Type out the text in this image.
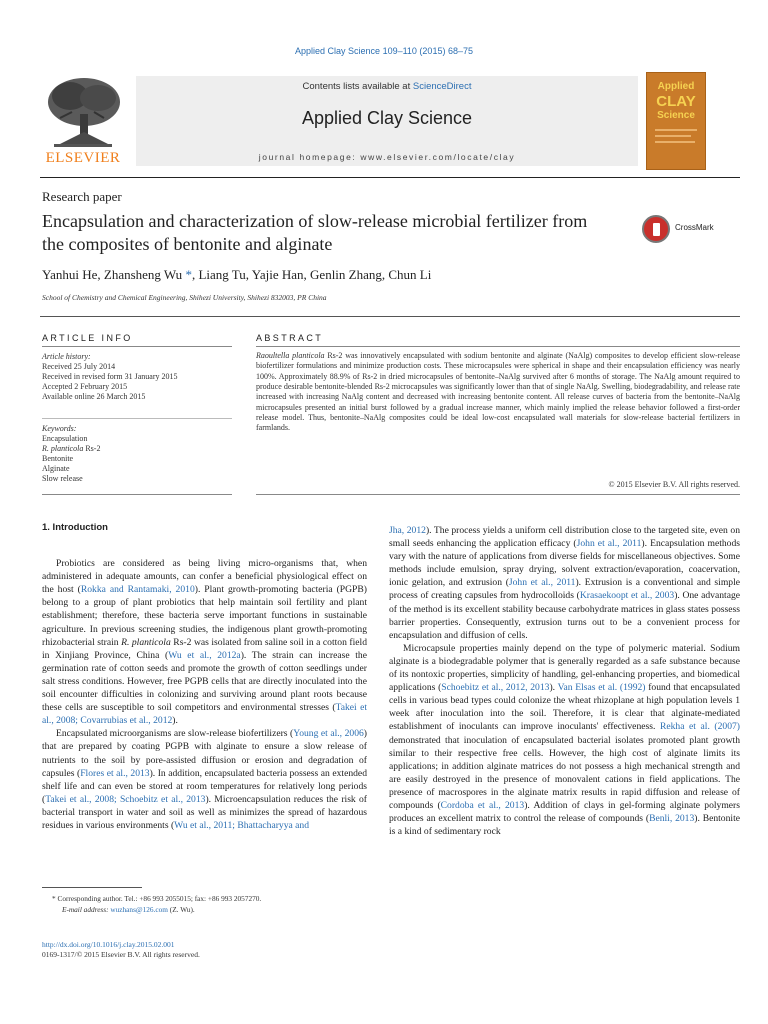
Applied Clay Science 109–110 (2015) 68–75
ELSEVIER
Contents lists available at ScienceDirect
Applied Clay Science
journal homepage: www.elsevier.com/locate/clay
Applied
CLAY
Science
Research paper
Encapsulation and characterization of slow-release microbial fertilizer from the composites of bentonite and alginate
CrossMark
Yanhui He, Zhansheng Wu *, Liang Tu, Yajie Han, Genlin Zhang, Chun Li
School of Chemistry and Chemical Engineering, Shihezi University, Shihezi 832003, PR China
ARTICLE INFO
Article history:
Received 25 July 2014
Received in revised form 31 January 2015
Accepted 2 February 2015
Available online 26 March 2015
Keywords:
Encapsulation
R. planticola Rs-2
Bentonite
Alginate
Slow release
ABSTRACT
Raoultella planticola Rs-2 was innovatively encapsulated with sodium bentonite and alginate (NaAlg) composites to develop efficient slow-release biofertilizer formulations and minimize production costs. These microcapsules were spherical in shape and their encapsulation efficiency was nearly 100%. Approximately 88.9% of Rs-2 in dried microcapsules of bentonite–NaAlg survived after 6 months of storage. The NaAlg amount required to produce desirable bentonite-blended Rs-2 microcapsules was significantly lower than that of single NaAlg. Swelling, biodegradability, and release rate increased with increasing NaAlg content and decreased with increasing bentonite content. All release curves of bacteria from the bentonite–NaAlg microcapsules presented an initial burst followed by a gradual increase manner, which mainly implied the release behavior followed a first-order release model. Thus, bentonite–NaAlg composites could be ideal low-cost encapsulated wall materials for slow-release bacterial fertilizers in farmlands.
© 2015 Elsevier B.V. All rights reserved.
1. Introduction

Probiotics are considered as being living micro-organisms that, when administered in adequate amounts, can confer a beneficial physiological effect on the host (Rokka and Rantamaki, 2010). Plant growth-promoting bacteria (PGPB) belong to a group of plant probiotics that help maintain soil fertility and plant establishment; therefore, these bacteria serve important functions in sustainable agriculture. In previous screening studies, the indigenous plant growth-promoting rhizobacterial strain R. planticola Rs-2 was isolated from saline soil in a cotton field in Xinjiang Province, China (Wu et al., 2012a). The strain can increase the germination rate of cotton seeds and promote the growth of cotton seedlings under salt stress conditions. However, free PGPB cells that are directly inoculated into the soil encounter difficulties in colonizing and surviving around plant roots because these cells are susceptible to soil competitors and environmental stresses (Takei et al., 2008; Covarrubias et al., 2012).

Encapsulated microorganisms are slow-release biofertilizers (Young et al., 2006) that are prepared by coating PGPB with alginate to ensure a slow release of nutrients to the soil by pore-assisted diffusion or erosion and degradation of capsules (Flores et al., 2013). In addition, encapsulated bacteria possess an extended shelf life and can even be stored at room temperatures for relatively long periods (Takei et al., 2008; Schoebitz et al., 2013). Microencapsulation reduces the risk of bacterial transport in water and soil as well as minimizes the spread of hazardous residues in various environments (Wu et al., 2011; Bhattacharyya and

Jha, 2012). The process yields a uniform cell distribution close to the targeted site, even on small seeds enhancing the application efficacy (John et al., 2011). Encapsulation methods vary with the nature of applications from diverse fields for miscellaneous objectives. Some methods include emulsion, spray drying, solvent extraction/evaporation, coacervation, ionic gelation, and extrusion (John et al., 2011). Extrusion is a conventional and simple process of creating capsules from hydrocolloids (Krasaekoopt et al., 2003). One advantage of the method is its excellent stability because carbohydrate matrices in glass states possess barrier properties. Consequently, extrusion turns out to be a convenient process for encapsulation and diffusion of cells.

Microcapsule properties mainly depend on the type of polymeric material. Sodium alginate is a biodegradable polymer that is generally regarded as a safe substance because of its nontoxic properties, simplicity of handling, gel-enhancing properties, and biomedical applications (Schoebitz et al., 2012, 2013). Van Elsas et al. (1992) found that encapsulated cells in various bead types could colonize the wheat rhizoplane at high population levels 1 week after inoculation into the soil. Therefore, it is clear that alginate-mediated establishment of inoculants can improve inoculants' effectiveness. Rekha et al. (2007) demonstrated that inoculation of encapsulated bacterial isolates promoted plant growth similar to their respective free cells. However, the high cost of alginate limits its applications; in addition alginate matrices do not possess a high mechanical strength and are easily destroyed in the presence of monovalent cations in field applications. The presence of macrospores in the alginate matrix results in rapid diffusion and release of compounds (Cordoba et al., 2013). Addition of clays in gel-forming alginate polymers produces an excellent matrix to control the release of compounds (Benli, 2013). Bentonite is a kind of sedimentary rock

* Corresponding author. Tel.: +86 993 2055015; fax: +86 993 2057270.
E-mail address: wuzhans@126.com (Z. Wu).
http://dx.doi.org/10.1016/j.clay.2015.02.001
0169-1317/© 2015 Elsevier B.V. All rights reserved.
